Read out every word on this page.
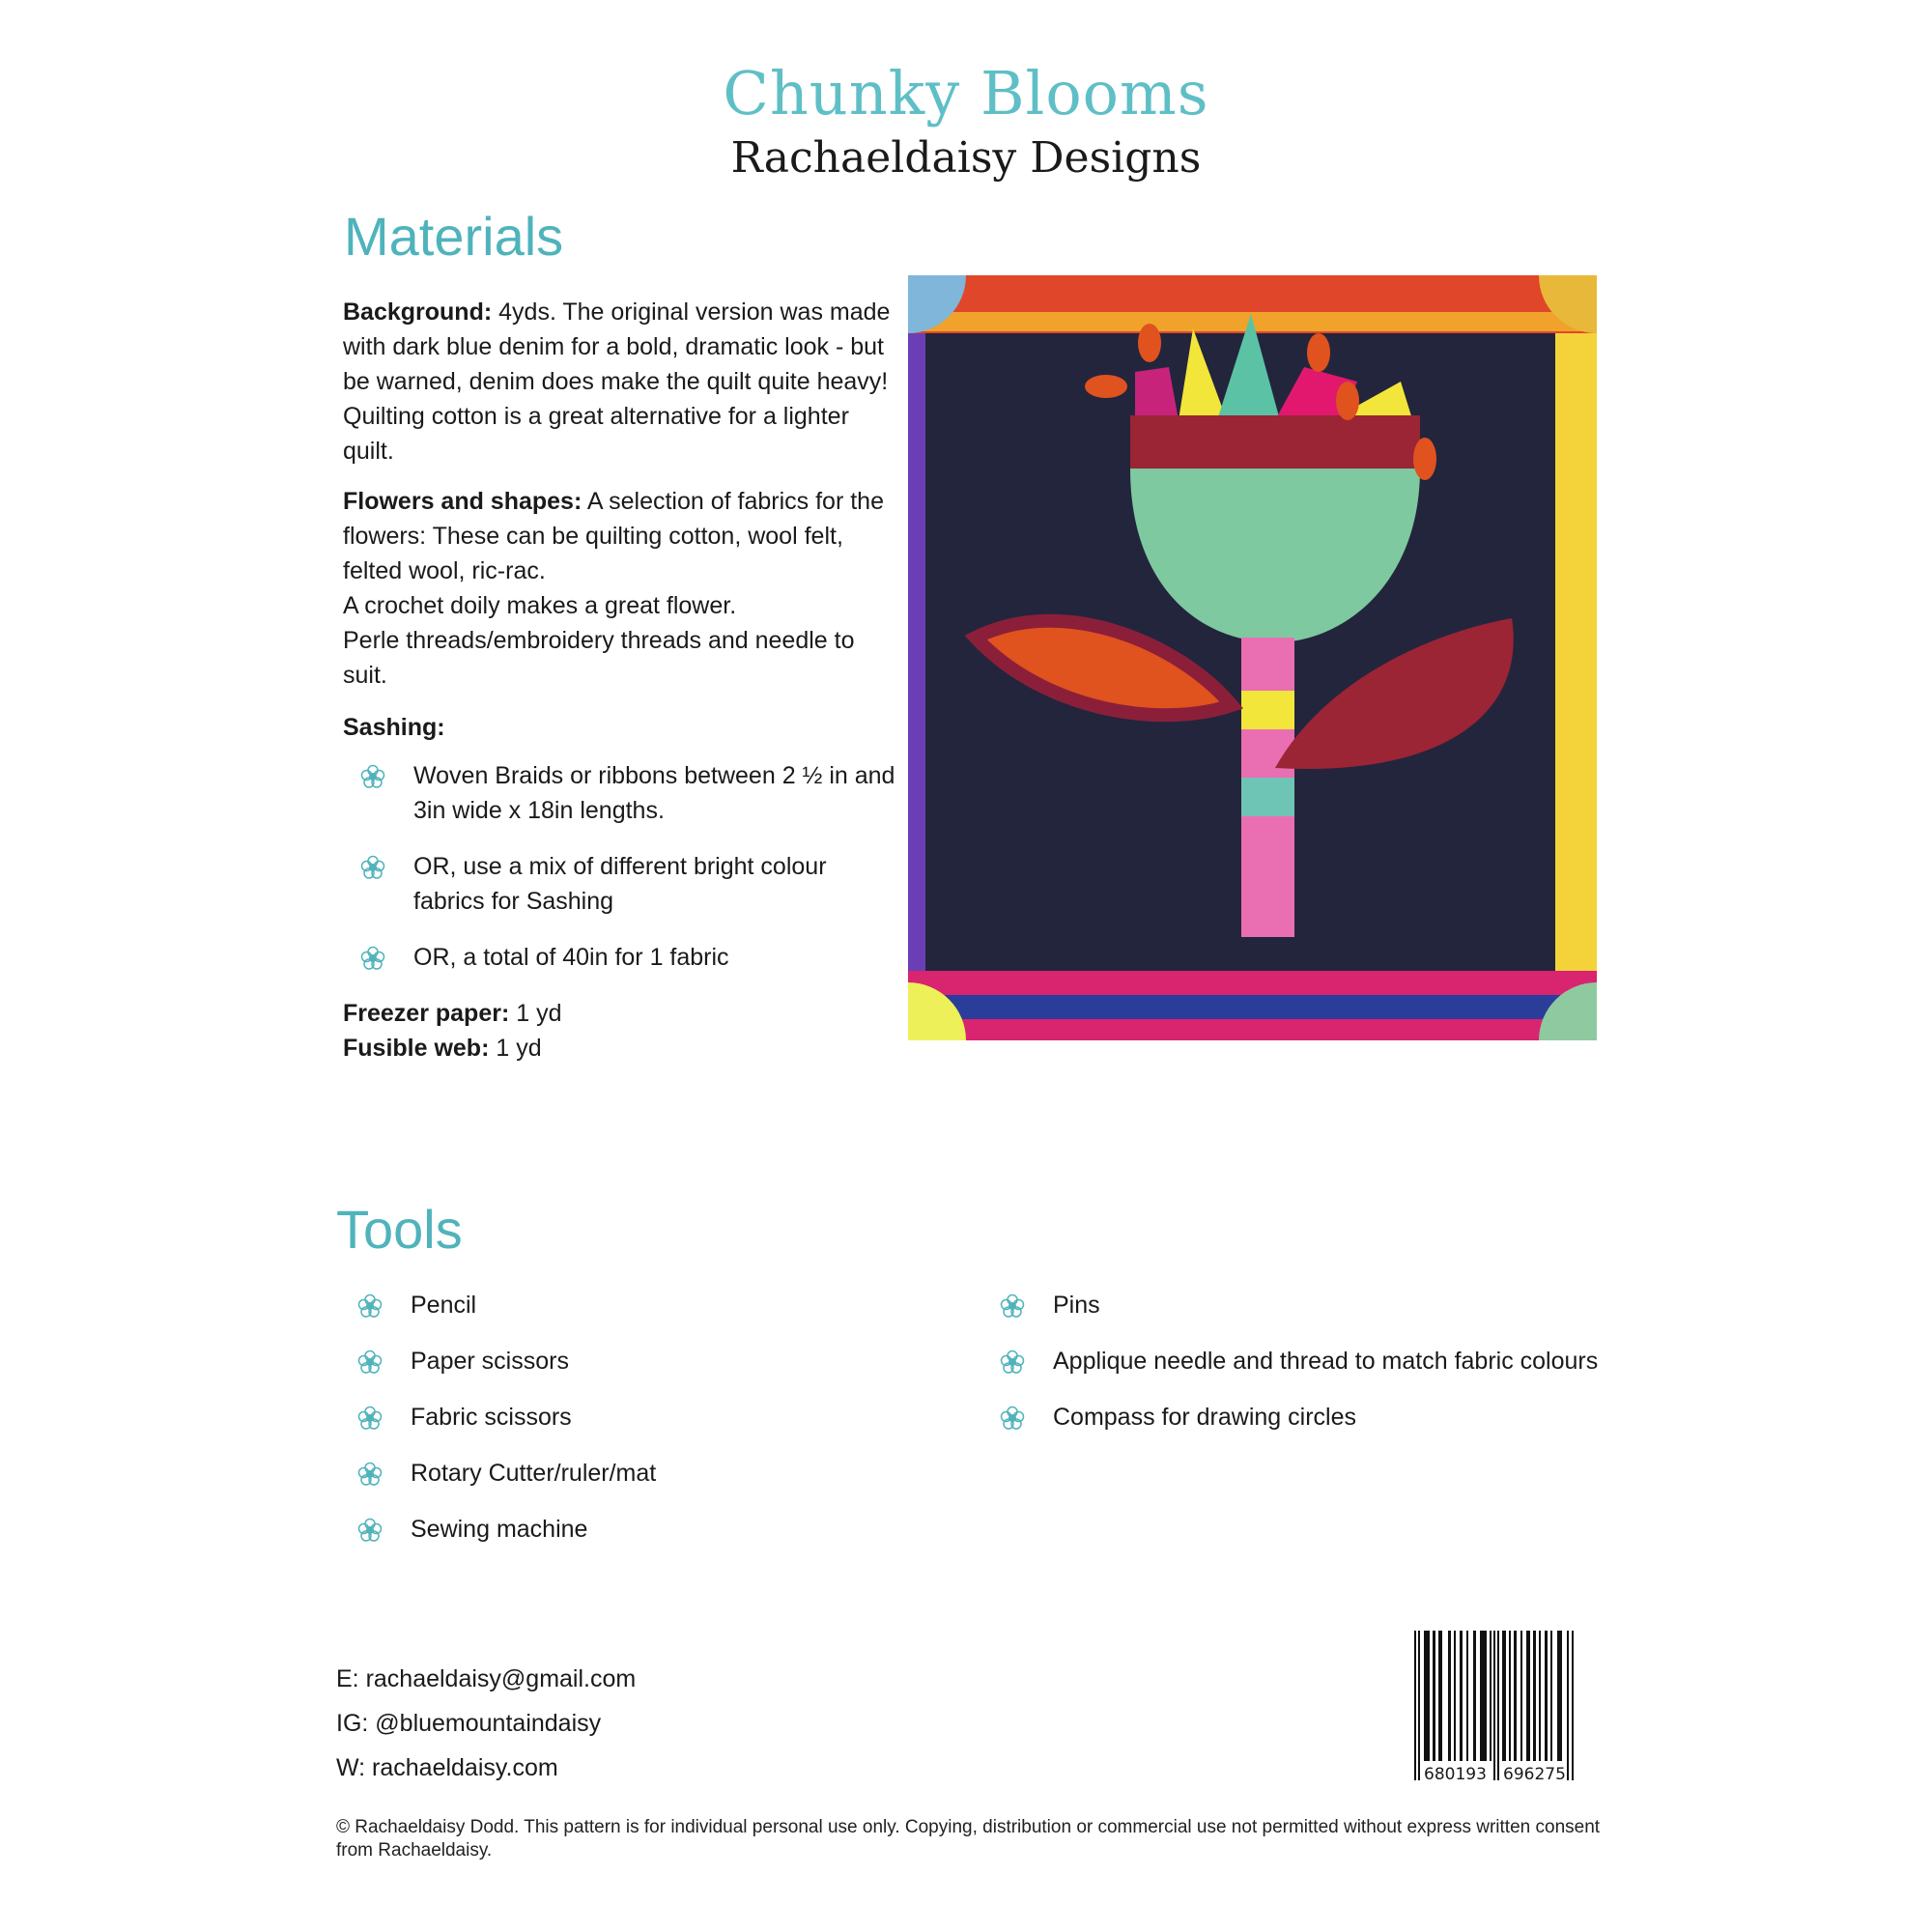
Chunky Blooms
Rachaeldaisy Designs
Materials

Background: 4yds. The original version was made with dark blue denim for a bold, dramatic look - but be warned, denim does make the quilt quite heavy! Quilting cotton is a great alternative for a lighter quilt.

Flowers and shapes: A selection of fabrics for the flowers: These can be quilting cotton, wool felt, felted wool, ric-rac.
A crochet doily makes a great flower.
Perle threads/embroidery threads and needle to suit.

Sashing:

Woven Braids or ribbons between 2 ½ in and 3in wide x 18in lengths.
OR, use a mix of different bright colour fabrics for Sashing
OR, a total of 40in for 1 fabric
Freezer paper: 1 yd
Fusible web: 1 yd
Tools
Pencil
Paper scissors
Fabric scissors
Rotary Cutter/ruler/mat
Sewing machine
Pins
Applique needle and thread to match fabric colours
Compass for drawing circles
E: rachaeldaisy@gmail.com
IG: @bluemountaindaisy
W: rachaeldaisy.com	680193 696275
© Rachaeldaisy Dodd. This pattern is for individual personal use only. Copying, distribution or commercial use not permitted without express written consent from Rachaeldaisy.
